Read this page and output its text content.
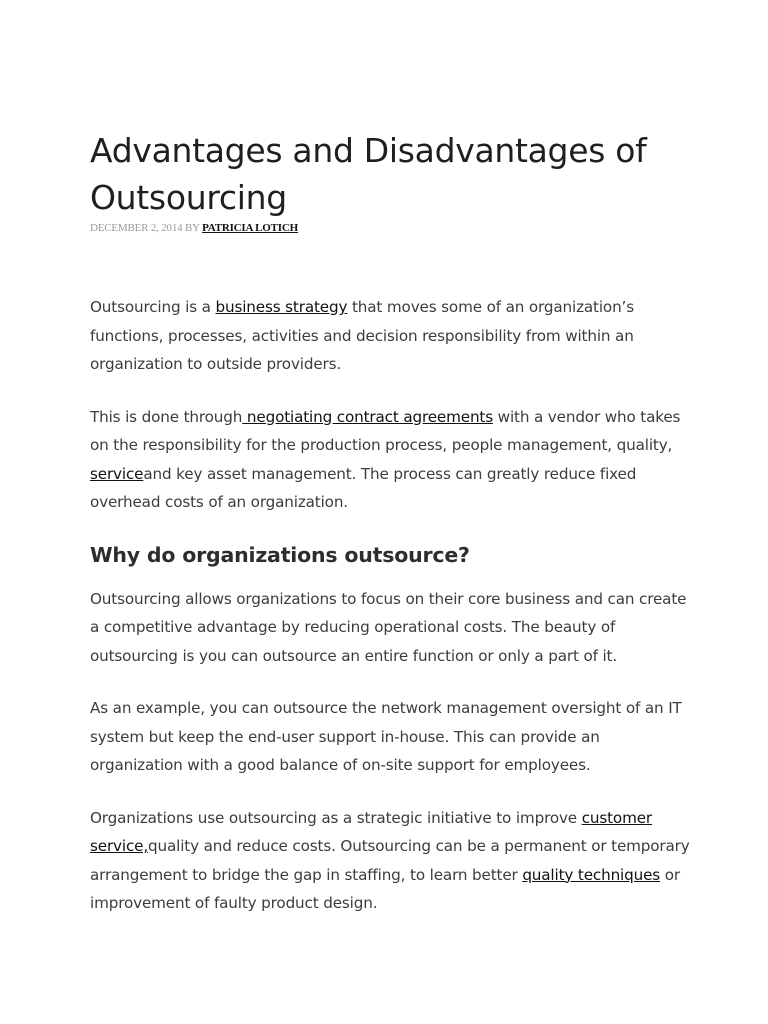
Advantages and Disadvantages of Outsourcing
DECEMBER 2, 2014 BY PATRICIA LOTICH

Outsourcing is a business strategy that moves some of an organization’s functions, processes, activities and decision responsibility from within an organization to outside providers.

This is done through negotiating contract agreements with a vendor who takes on the responsibility for the production process, people management, quality, serviceand key asset management. The process can greatly reduce fixed overhead costs of an organization.

Why do organizations outsource?

Outsourcing allows organizations to focus on their core business and can create a competitive advantage by reducing operational costs. The beauty of outsourcing is you can outsource an entire function or only a part of it.

As an example, you can outsource the network management oversight of an IT system but keep the end-user support in-house. This can provide an organization with a good balance of on-site support for employees.

Organizations use outsourcing as a strategic initiative to improve customer service,quality and reduce costs. Outsourcing can be a permanent or temporary arrangement to bridge the gap in staffing, to learn better quality techniques or improvement of faulty product design.
